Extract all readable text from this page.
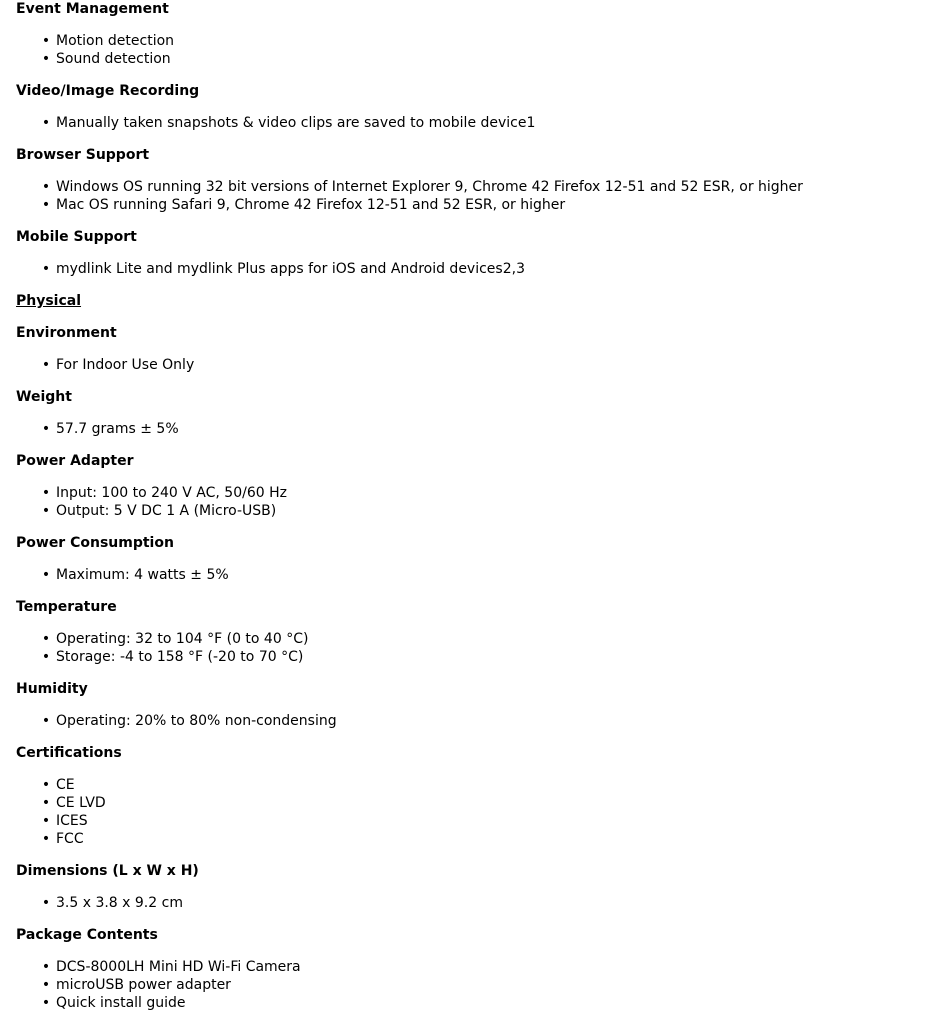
Event Management
• Motion detection
• Sound detection
Video/Image Recording
• Manually taken snapshots & video clips are saved to mobile device1
Browser Support
• Windows OS running 32 bit versions of Internet Explorer 9, Chrome 42 Firefox 12-51 and 52 ESR, or higher
• Mac OS running Safari 9, Chrome 42 Firefox 12-51 and 52 ESR, or higher
Mobile Support
• mydlink Lite and mydlink Plus apps for iOS and Android devices2,3
Physical
Environment
• For Indoor Use Only
Weight
• 57.7 grams ± 5%
Power Adapter
• Input: 100 to 240 V AC, 50/60 Hz
• Output: 5 V DC 1 A (Micro-USB)
Power Consumption
• Maximum: 4 watts ± 5%
Temperature
• Operating: 32 to 104 °F (0 to 40 °C)
• Storage: -4 to 158 °F (-20 to 70 °C)
Humidity
• Operating: 20% to 80% non-condensing
Certifications
• CE
• CE LVD
• ICES
• FCC
Dimensions (L x W x H)
• 3.5 x 3.8 x 9.2 cm
Package Contents
• DCS-8000LH Mini HD Wi-Fi Camera
• microUSB power adapter
• Quick install guide
